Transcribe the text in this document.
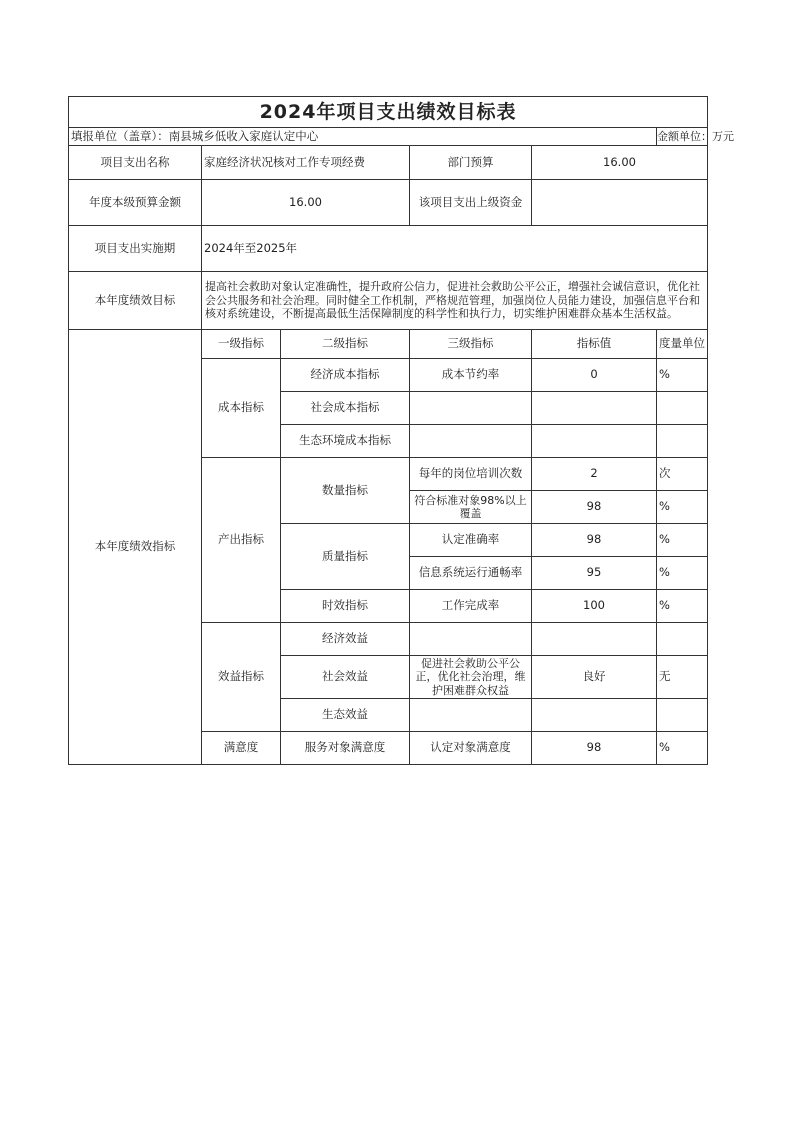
2024年项目支出绩效目标表					
填报单位（盖章）：南县城乡低收入家庭认定中心					金额单位：万元
项目支出名称	家庭经济状况核对工作专项经费		部门预算	16.00	
年度本级预算金额	16.00		该项目支出上级资金		
项目支出实施期	2024年至2025年				
本年度绩效目标	提高社会救助对象认定准确性，提升政府公信力，促进社会救助公平公正，增强社会诚信意识，优化社会公共服务和社会治理。同时健全工作机制，严格规范管理，加强岗位人员能力建设，加强信息平台和核对系统建设，不断提高最低生活保障制度的科学性和执行力，切实维护困难群众基本生活权益。				
本年度绩效指标	一级指标	二级指标	三级指标	指标值	度量单位
	成本指标	经济成本指标	成本节约率	0	%
		社会成本指标			
		生态环境成本指标			
	产出指标	数量指标	每年的岗位培训次数	2	次
			符合标准对象98%以上覆盖	98	%
		质量指标	认定准确率	98	%
			信息系统运行通畅率	95	%
		时效指标	工作完成率	100	%
	效益指标	经济效益			
		社会效益	促进社会救助公平公正，优化社会治理，维护困难群众权益	良好	无
		生态效益			
	满意度	服务对象满意度	认定对象满意度	98	%
